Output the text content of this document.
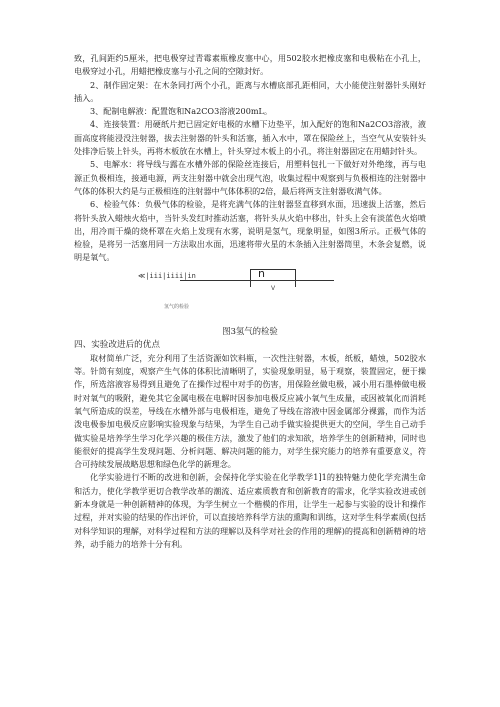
致，孔间距约5厘米，把电极穿过青霉素瓶橡皮塞中心，用502胶水把橡皮塞和电极粘在小孔上，电极穿过小孔，用蜡把橡皮塞与小孔之间的空隙封好。

2、制作固定架：在木条同打两个小孔，距离与水槽底部孔距相同，大小能使注射器针头刚好插入。

3、配制电解液：配置饱和Na2CO3溶液200mL。

4、连接装置：用硬纸片把已固定好电极的水槽下边垫平，加入配好的饱和Na2CO3溶液，液面高度将能浸没注射器，拔去注射器的针头和活塞，插入水中，罩在保险丝上，当空气从安装针头处排净后装上针头，再将木板放在水槽上，针头穿过木板上的小孔，将注射器固定在用蜡封针头。

5、电解水：将导线与露在水槽外部的保险丝连接后，用塑料包扎一下做好对外绝缘，再与电源正负极相连，接通电源，两支注射器中就会出现气泡，收集过程中观察到与负极相连的注射器中气体的体积大约是与正极相连的注射器中气体体积的2倍，最后将两支注射器收满气体。

6、检验气体：负极气体的检验，是将充满气体的注射器竖直移到水面，迅速拔上活塞，然后将针头放入蜡烛火焰中，当针头发红时推动活塞，将针头从火焰中移出，针头上会有淡蓝色火焰喷出，用冷而干燥的烧杯罩在火焰上发现有水雾，说明是氢气，现象明显，如图3所示。正极气体的检验，是将另一活塞用同一方法取出水面，迅速将带火星的木条插入注射器筒里，木条会复燃，说明是氧气。

≪|iii|iiii|in	n
V
氢气的检验

图3氢气的检验

四、实验改进后的优点

取材简单广泛，充分利用了生活资源如饮料瓶，一次性注射器，木板，纸板，蜡烛，502胶水等。针筒有刻度，观察产生气体的体积比清晰明了，实验现象明显，易于观察，装置固定，便于操作，所选溶液容易得到且避免了在操作过程中对手的伤害，用保险丝做电极，减小用石墨棒做电极时对氧气的吸附，避免其它金属电极在电解时因参加电极反应减小氧气生成量，或因被氧化而消耗氧气所造成的误差，导线在水槽外部与电极相连，避免了导线在溶液中因金属部分裸露，而作为活泼电极参加电极反应影响实验现象与结果，为学生自己动手做实验提供更大的空间，学生自己动手做实验是培养学生学习化学兴趣的极佳方法，激发了他们的求知欲，培养学生的创新精神，同时也能很好的提高学生发现问题、分析问题、解决问题的能力，对学生探究能力的培养有重要意义，符合可持续发展战略思想和绿色化学的新理念。

化学实验进行不断的改进和创新，会保持化学实验在化学教学1]1的独特魅力使化学充满生命和活力，使化学教学更切合教学改革的潮流、适应素质教育和创新教育的需求，化学实验改进或创新本身就是一种创新精神的体现，为学生树立一个楷模的作用，让学生一起参与实验的设计和操作过程，并对实验的结果的作出评价，可以直接培养科学方法的熏陶和训练，这对学生科学素质(包括对科学知识的理解，对科学过程和方法的理解以及科学对社会的作用的理解)的提高和创新精神的培养，动手能力的培养十分有利。
